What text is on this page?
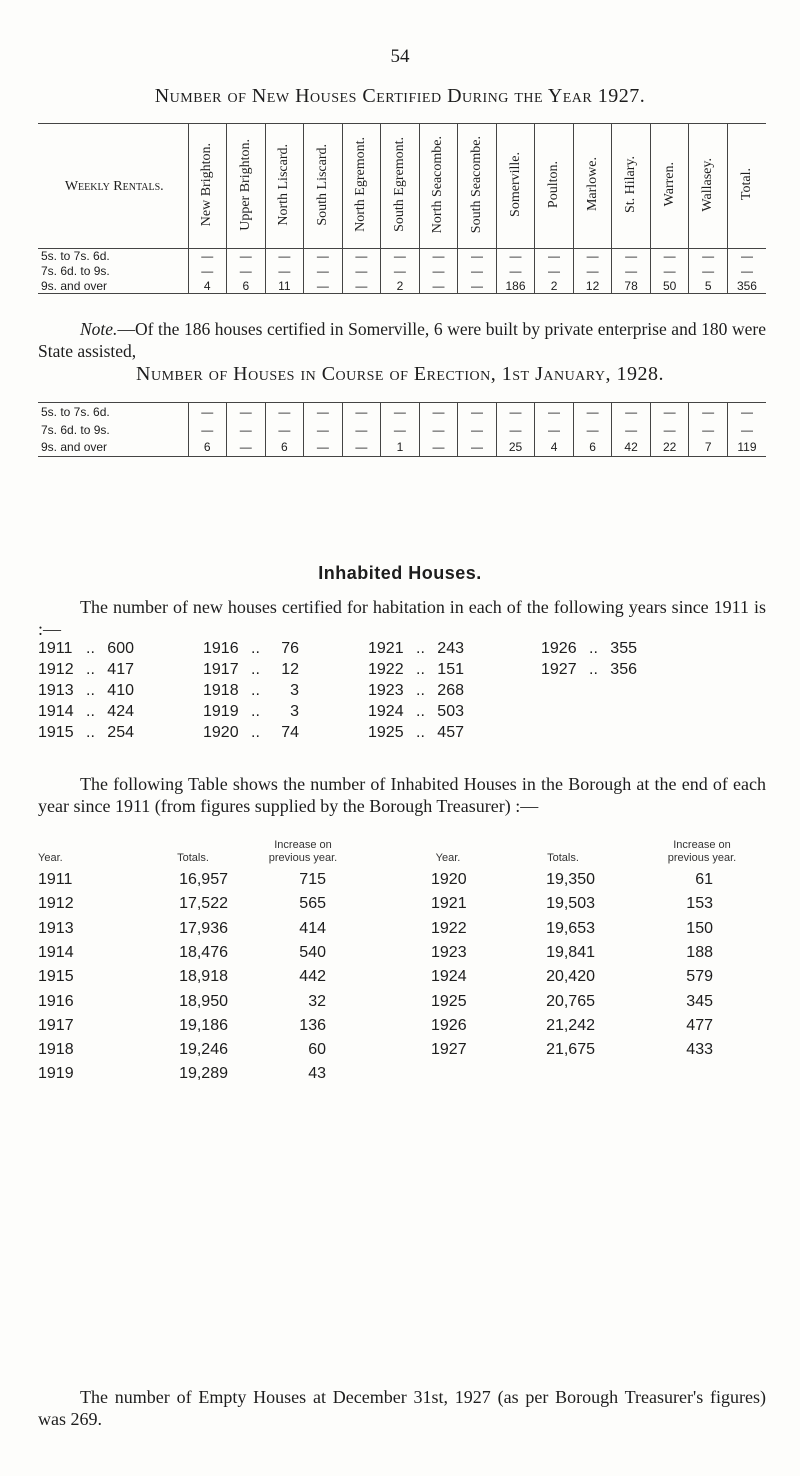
54
Number of New Houses Certified During the Year 1927.
Weekly Rentals.	New Brighton.	Upper Brighton.	North Liscard.	South Liscard.	North Egremont.	South Egremont.	North Seacombe.	South Seacombe.	Somerville.	Poulton.	Marlowe.	St. Hilary.	Warren.	Wallasey.	Total.
5s. to 7s. 6d.	—	—	—	—	—	—	—	—	—	—	—	—	—	—	—
7s. 6d. to 9s.	—	—	—	—	—	—	—	—	—	—	—	—	—	—	—
9s. and over	4	6	11	—	—	2	—	—	186	2	12	78	50	5	356
Note.—Of the 186 houses certified in Somerville, 6 were built by private enterprise and 180 were State assisted,
Number of Houses in Course of Erection, 1st January, 1928.
5s. to 7s. 6d.	—	—	—	—	—	—	—	—	—	—	—	—	—	—	—
7s. 6d. to 9s.	—	—	—	—	—	—	—	—	—	—	—	—	—	—	—
9s. and over	6	—	6	—	—	1	—	—	25	4	6	42	22	7	119
Inhabited Houses.
The number of new houses certified for habitation in each of the following years since 1911 is :—
1911 .. 600
1912 .. 417
1913 .. 410
1914 .. 424
1915 .. 254
1916 ..	76
1917 ..	12
1918 ..	3
1919 ..	3
1920 ..	74
1921 .. 243
1922 .. 151
1923 .. 268
1924 .. 503
1925 .. 457
1926 .. 355
1927 .. 356
The following Table shows the number of Inhabited Houses in the Borough at the end of each year since 1911 (from figures supplied by the Borough Treasurer) :—
Year.	Totals.
Increase on
previous year.	Year.	Totals.
Increase on
previous year.
1911	16,957	715
1912	17,522	565
1913	17,936	414
1914	18,476	540
1915	18,918	442
1916	18,950	32
1917	19,186	136
1918	19,246	60
1919	19,289	43
1920	19,350	61
1921	19,503	153
1922	19,653	150
1923	19,841	188
1924	20,420	579
1925	20,765	345
1926	21,242	477
1927	21,675	433
The number of Empty Houses at December 31st, 1927 (as per Borough Treasurer's figures) was 269.
